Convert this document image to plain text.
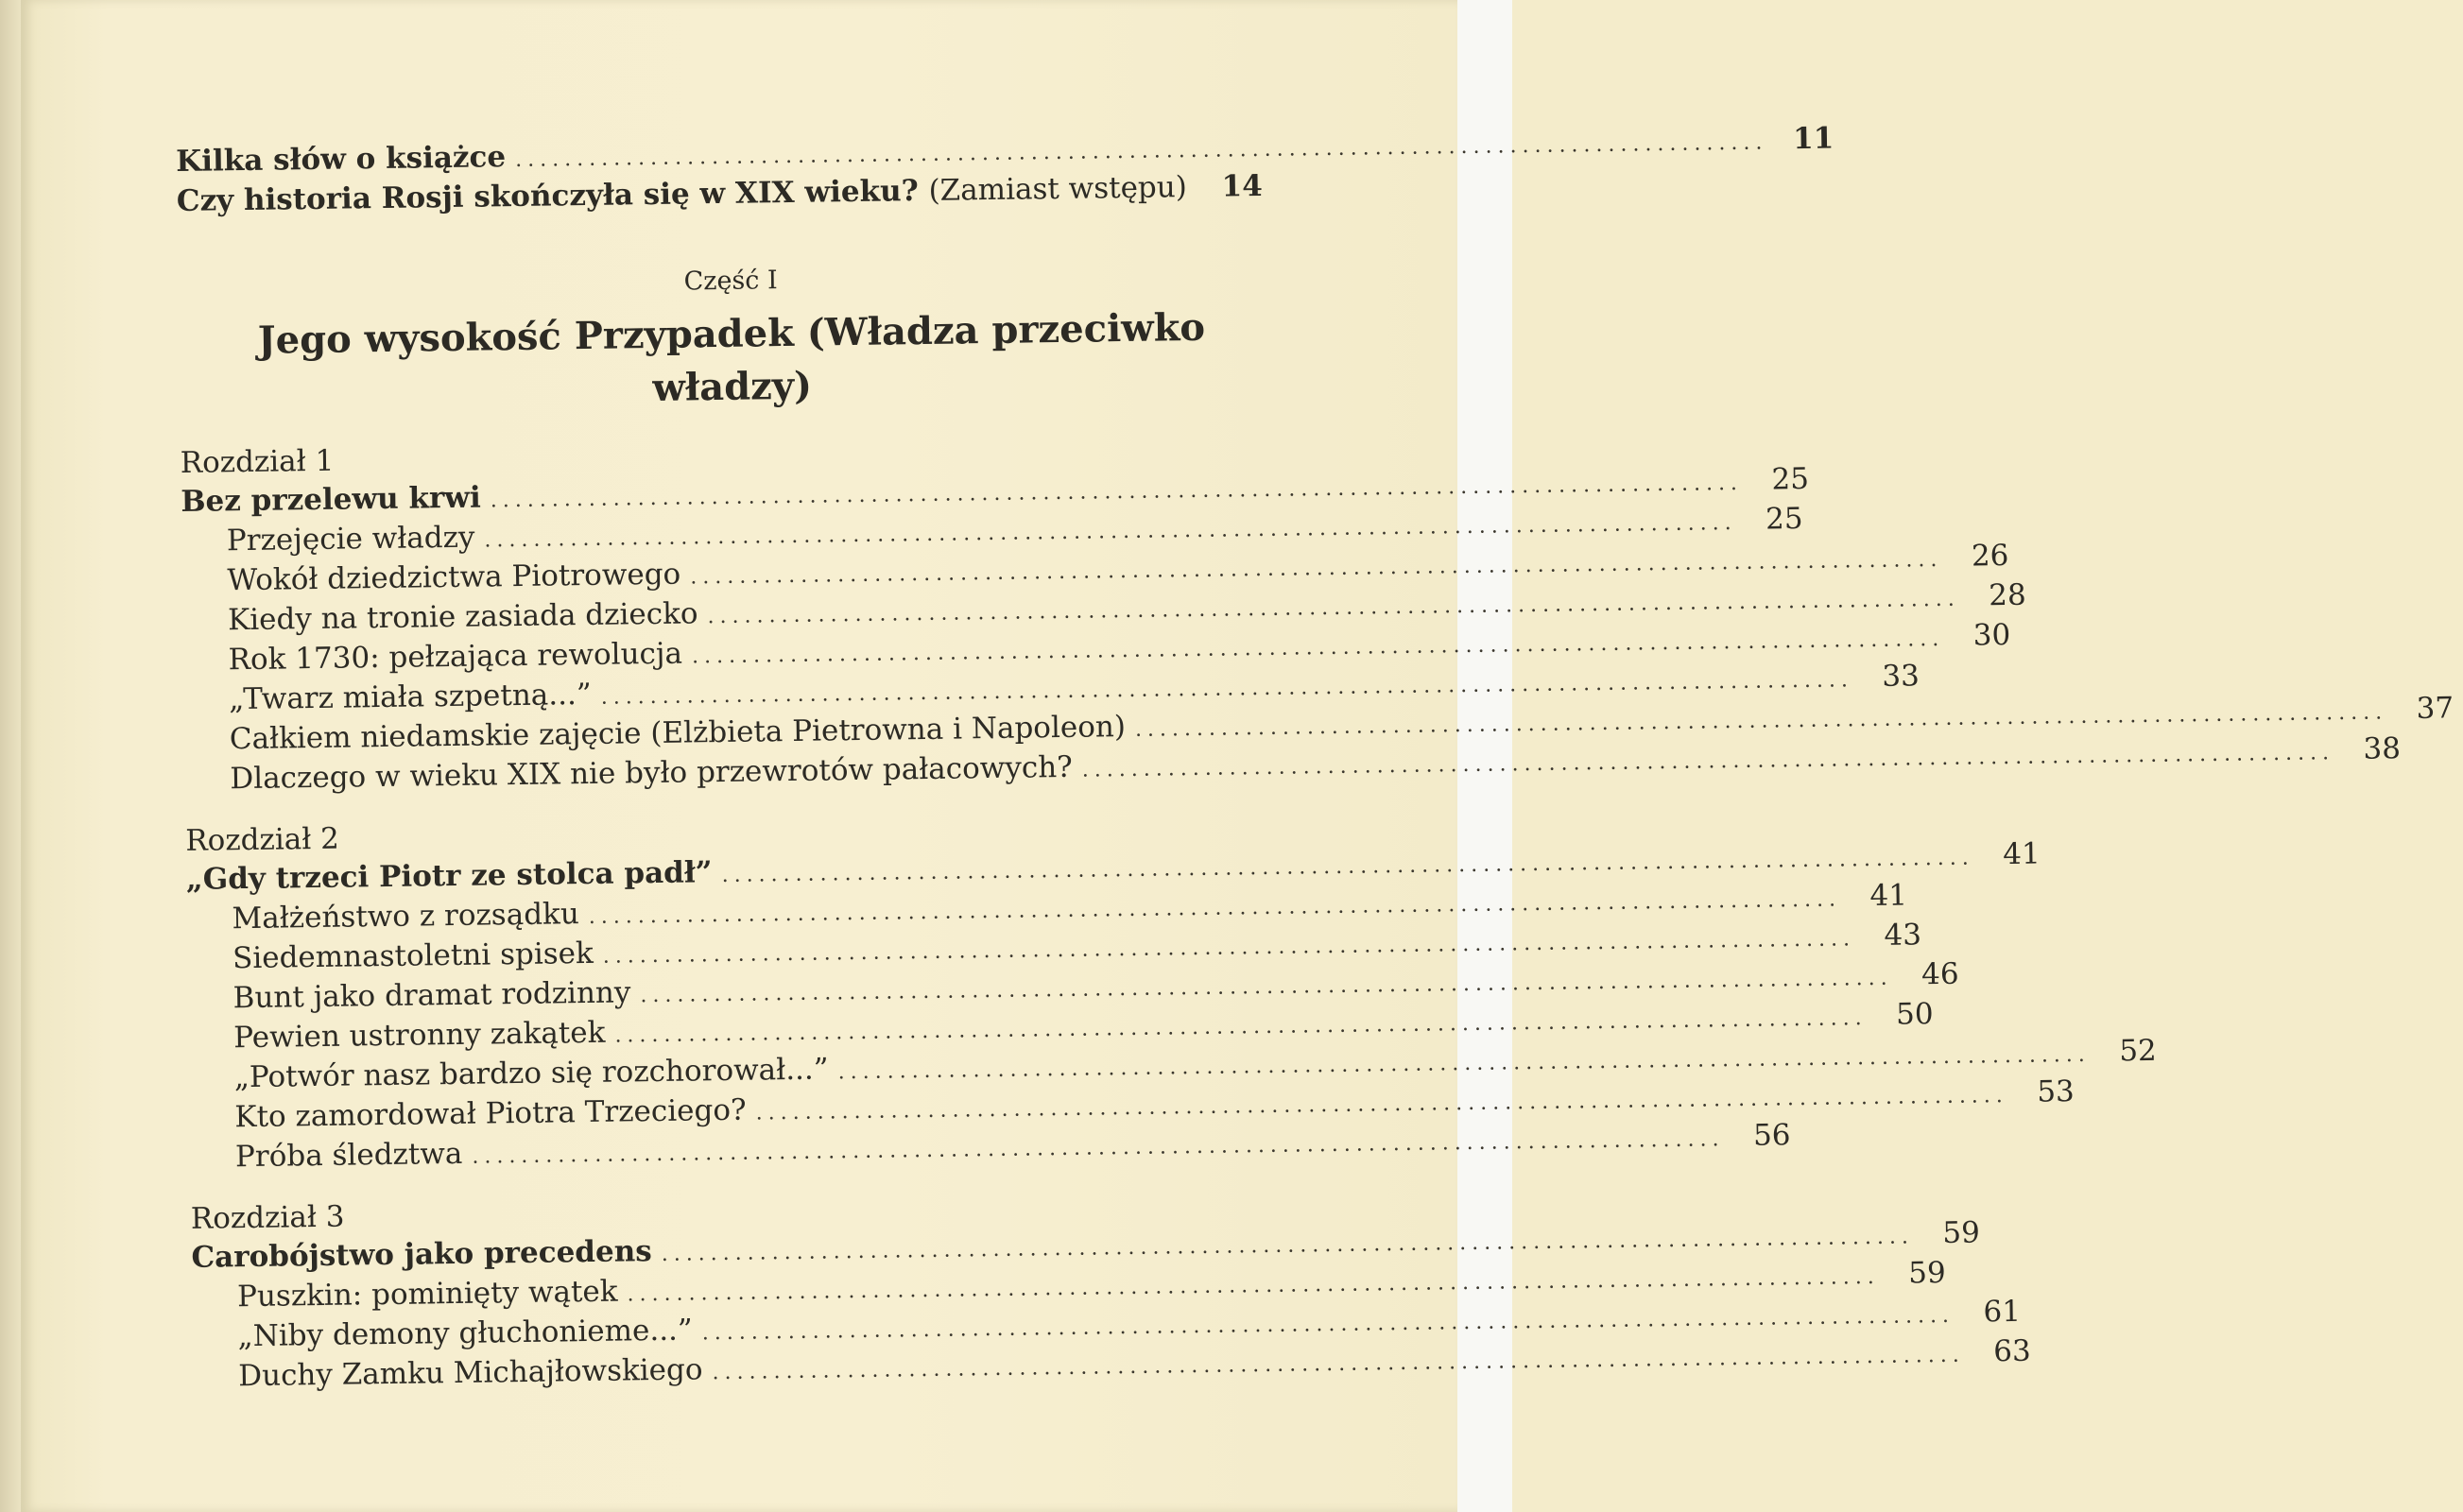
Kilka słów o książce ...................................................................................................... 11
Czy historia Rosji skończyła się w XIX wieku? (Zamiast wstępu)	14
Część I
Jego wysokość Przypadek (Władza przeciwko władzy)
Rozdział 1
Bez przelewu krwi ...................................................................................................... 25
Przejęcie władzy ...................................................................................................... 25
Wokół dziedzictwa Piotrowego ...................................................................................................... 26
Kiedy na tronie zasiada dziecko ...................................................................................................... 28
Rok 1730: pełzająca rewolucja ...................................................................................................... 30
„Twarz miała szpetną...” ...................................................................................................... 33
Całkiem niedamskie zajęcie (Elżbieta Pietrowna i Napoleon) ...................................................................................................... 37
Dlaczego w wieku XIX nie było przewrotów pałacowych? ...................................................................................................... 38
Rozdział 2
„Gdy trzeci Piotr ze stolca padł” ...................................................................................................... 41
Małżeństwo z rozsądku ...................................................................................................... 41
Siedemnastoletni spisek ...................................................................................................... 43
Bunt jako dramat rodzinny ...................................................................................................... 46
Pewien ustronny zakątek ...................................................................................................... 50
„Potwór nasz bardzo się rozchorował...” ...................................................................................................... 52
Kto zamordował Piotra Trzeciego? ...................................................................................................... 53
Próba śledztwa ...................................................................................................... 56
Rozdział 3
Carobójstwo jako precedens ...................................................................................................... 59
Puszkin: pominięty wątek ...................................................................................................... 59
„Niby demony głuchonieme...” ...................................................................................................... 61
Duchy Zamku Michajłowskiego ...................................................................................................... 63
